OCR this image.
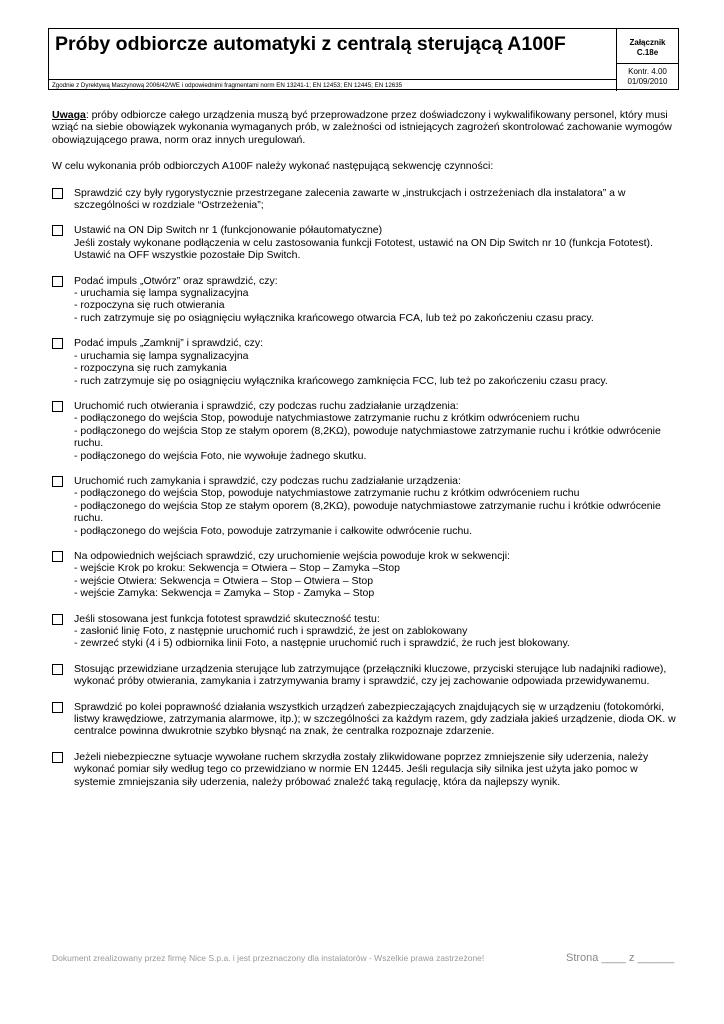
Próby odbiorcze automatyki z centralą sterującą A100F
Zgodnie z Dyrektywą Maszynową 2006/42/WE i odpowiednimi fragmentami norm EN 13241-1; EN 12453; EN 12445; EN 12635
Załącznik
C.18e
Kontr. 4.00
01/09/2010

Uwaga: próby odbiorcze całego urządzenia muszą być przeprowadzone przez doświadczony i wykwalifikowany personel, który musi wziąć na siebie obowiązek wykonania wymaganych prób, w zależności od istniejących zagrożeń skontrolować zachowanie wymogów obowiązującego prawa, norm oraz innych uregulowań.

W celu wykonania prób odbiorczych A100F należy wykonać następującą sekwencję czynności:

Sprawdzić czy były rygorystycznie przestrzegane zalecenia zawarte w „instrukcjach i ostrzeżeniach dla instalatora” a w szczególności w rozdziale “Ostrzeżenia”;
Ustawić na ON Dip Switch nr 1 (funkcjonowanie półautomatyczne)
Jeśli zostały wykonane podłączenia w celu zastosowania funkcji Fototest, ustawić na ON Dip Switch nr 10 (funkcja Fototest).
Ustawić na OFF wszystkie pozostałe Dip Switch.
Podać impuls „Otwórz” oraz sprawdzić, czy:
- uruchamia się lampa sygnalizacyjna
- rozpoczyna się ruch otwierania
- ruch zatrzymuje się po osiągnięciu wyłącznika krańcowego otwarcia FCA, lub też po zakończeniu czasu pracy.
Podać impuls „Zamknij” i sprawdzić, czy:
- uruchamia się lampa sygnalizacyjna
- rozpoczyna się ruch zamykania
- ruch zatrzymuje się po osiągnięciu wyłącznika krańcowego zamknięcia FCC, lub też po zakończeniu czasu pracy.
Uruchomić ruch otwierania i sprawdzić, czy podczas ruchu zadziałanie urządzenia:
- podłączonego do wejścia Stop, powoduje natychmiastowe zatrzymanie ruchu z krótkim odwróceniem ruchu
- podłączonego do wejścia Stop ze stałym oporem (8,2KΩ), powoduje natychmiastowe zatrzymanie ruchu i krótkie odwrócenie ruchu.
- podłączonego do wejścia Foto, nie wywołuje żadnego skutku.
Uruchomić ruch zamykania i sprawdzić, czy podczas ruchu zadziałanie urządzenia:
- podłączonego do wejścia Stop, powoduje natychmiastowe zatrzymanie ruchu z krótkim odwróceniem ruchu
- podłączonego do wejścia Stop ze stałym oporem (8,2KΩ), powoduje natychmiastowe zatrzymanie ruchu i krótkie odwrócenie ruchu.
- podłączonego do wejścia Foto, powoduje zatrzymanie i całkowite odwrócenie ruchu.
Na odpowiednich wejściach sprawdzić, czy uruchomienie wejścia powoduje krok w sekwencji:
- wejście Krok po kroku: Sekwencja = Otwiera – Stop – Zamyka –Stop
- wejście Otwiera: Sekwencja = Otwiera – Stop – Otwiera – Stop
- wejście Zamyka: Sekwencja = Zamyka – Stop - Zamyka – Stop
Jeśli stosowana jest funkcja fototest sprawdzić skuteczność testu:
- zasłonić linię Foto, z następnie uruchomić ruch i sprawdzić, że jest on zablokowany
- zewrzeć styki (4 i 5) odbiornika linii Foto, a następnie uruchomić ruch i sprawdzić, że ruch jest blokowany.
Stosując przewidziane urządzenia sterujące lub zatrzymujące (przełączniki kluczowe, przyciski sterujące lub nadajniki radiowe), wykonać próby otwierania, zamykania i zatrzymywania bramy i sprawdzić, czy jej zachowanie odpowiada przewidywanemu.
Sprawdzić po kolei poprawność działania wszystkich urządzeń zabezpieczających znajdujących się w urządzeniu (fotokomórki, listwy krawędziowe, zatrzymania alarmowe, itp.); w szczególności za każdym razem, gdy zadziała jakieś urządzenie, dioda OK. w centralce powinna dwukrotnie szybko błysnąć na znak, że centralka rozpoznaje zdarzenie.
Jeżeli niebezpieczne sytuacje wywołane ruchem skrzydła zostały zlikwidowane poprzez zmniejszenie siły uderzenia, należy wykonać pomiar siły według tego co przewidziano w normie EN 12445. Jeśli regulacja siły silnika jest użyta jako pomoc w systemie zmniejszania siły uderzenia, należy próbować znaleźć taką regulację, która da najlepszy wynik.
Dokument zrealizowany przez firmę Nice S.p.a. i jest przeznaczony dla instalatorów - Wszelkie prawa zastrzeżone!	Strona ____ z ______
